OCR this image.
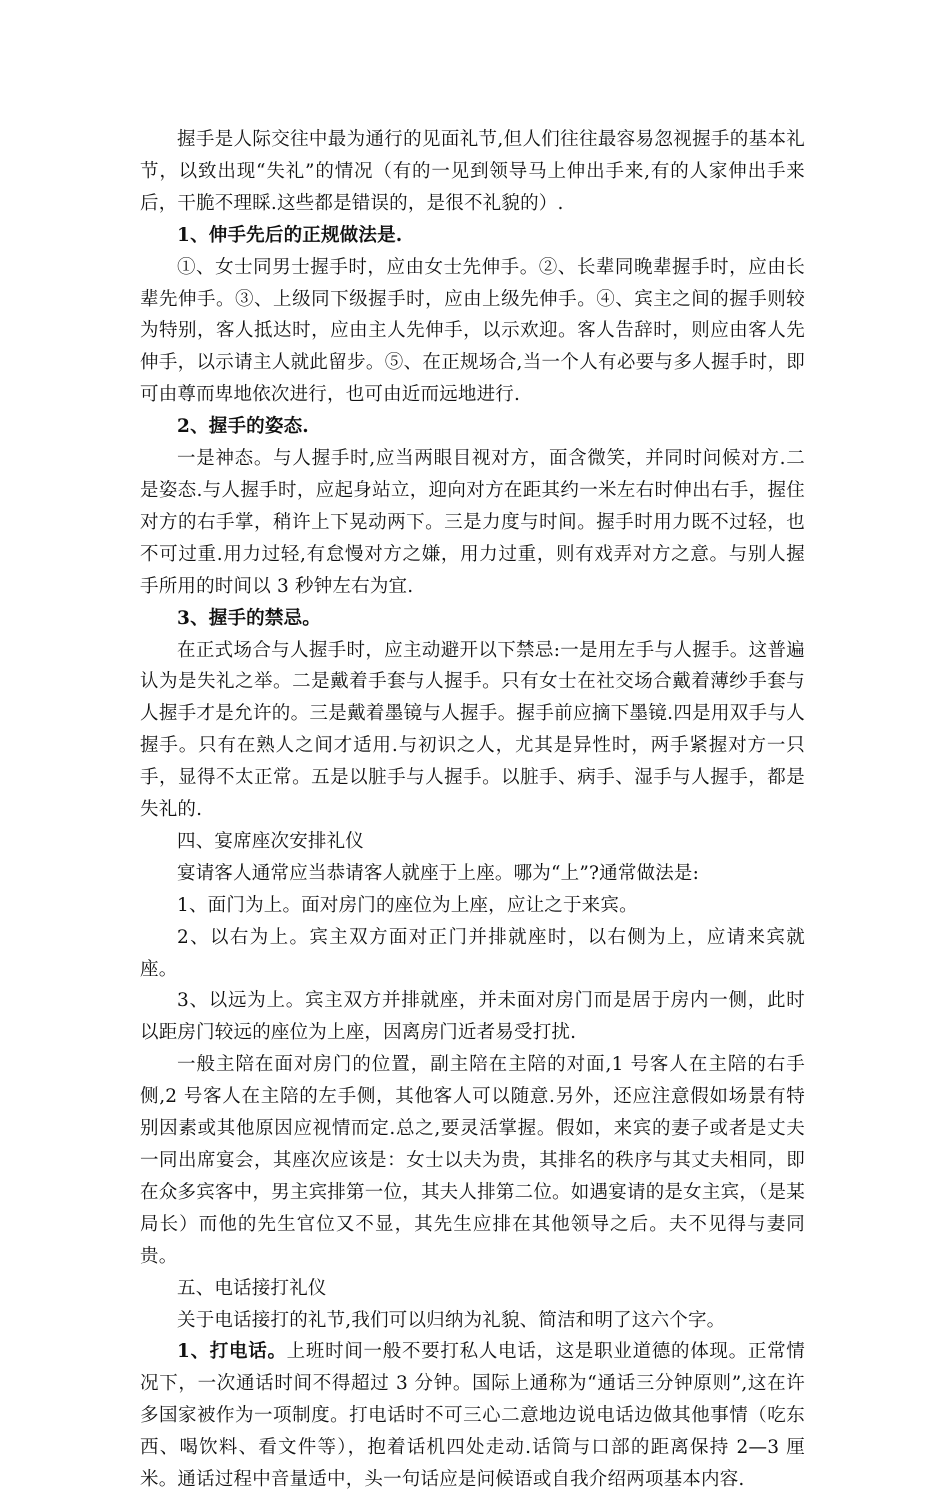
握手是人际交往中最为通行的见面礼节,但人们往往最容易忽视握手的基本礼节，以致出现“失礼”的情况（有的一见到领导马上伸出手来,有的人家伸出手来后，干脆不理睬.这些都是错误的，是很不礼貌的）.

1、伸手先后的正规做法是.

①、女士同男士握手时，应由女士先伸手。②、长辈同晚辈握手时，应由长辈先伸手。③、上级同下级握手时，应由上级先伸手。④、宾主之间的握手则较为特别，客人抵达时，应由主人先伸手，以示欢迎。客人告辞时，则应由客人先伸手，以示请主人就此留步。⑤、在正规场合,当一个人有必要与多人握手时，即可由尊而卑地依次进行，也可由近而远地进行.

2、握手的姿态.

一是神态。与人握手时,应当两眼目视对方，面含微笑，并同时问候对方.二是姿态.与人握手时，应起身站立，迎向对方在距其约一米左右时伸出右手，握住对方的右手掌，稍许上下晃动两下。三是力度与时间。握手时用力既不过轻，也不可过重.用力过轻,有怠慢对方之嫌，用力过重，则有戏弄对方之意。与别人握手所用的时间以 3 秒钟左右为宜.

3、握手的禁忌。

在正式场合与人握手时，应主动避开以下禁忌:一是用左手与人握手。这普遍认为是失礼之举。二是戴着手套与人握手。只有女士在社交场合戴着薄纱手套与人握手才是允许的。三是戴着墨镜与人握手。握手前应摘下墨镜.四是用双手与人握手。只有在熟人之间才适用.与初识之人，尤其是异性时，两手紧握对方一只手，显得不太正常。五是以脏手与人握手。以脏手、病手、湿手与人握手，都是失礼的.

四、宴席座次安排礼仪

宴请客人通常应当恭请客人就座于上座。哪为“上”?通常做法是:

1、面门为上。面对房门的座位为上座，应让之于来宾。

2、以右为上。宾主双方面对正门并排就座时，以右侧为上，应请来宾就座。

3、以远为上。宾主双方并排就座，并未面对房门而是居于房内一侧，此时以距房门较远的座位为上座，因离房门近者易受打扰.

一般主陪在面对房门的位置，副主陪在主陪的对面,1 号客人在主陪的右手侧,2 号客人在主陪的左手侧，其他客人可以随意.另外，还应注意假如场景有特别因素或其他原因应视情而定.总之,要灵活掌握。假如，来宾的妻子或者是丈夫一同出席宴会，其座次应该是：女士以夫为贵，其排名的秩序与其丈夫相同，即在众多宾客中，男主宾排第一位，其夫人排第二位。如遇宴请的是女主宾，（是某局长）而他的先生官位又不显，其先生应排在其他领导之后。夫不见得与妻同贵。

五、电话接打礼仪

关于电话接打的礼节,我们可以归纳为礼貌、简洁和明了这六个字。

1、打电话。上班时间一般不要打私人电话，这是职业道德的体现。正常情况下，一次通话时间不得超过 3 分钟。国际上通称为“通话三分钟原则”,这在许多国家被作为一项制度。打电话时不可三心二意地边说电话边做其他事情（吃东西、喝饮料、看文件等），抱着话机四处走动.话筒与口部的距离保持 2—3 厘米。通话过程中音量适中，头一句话应是问候语或自我介绍两项基本内容.
